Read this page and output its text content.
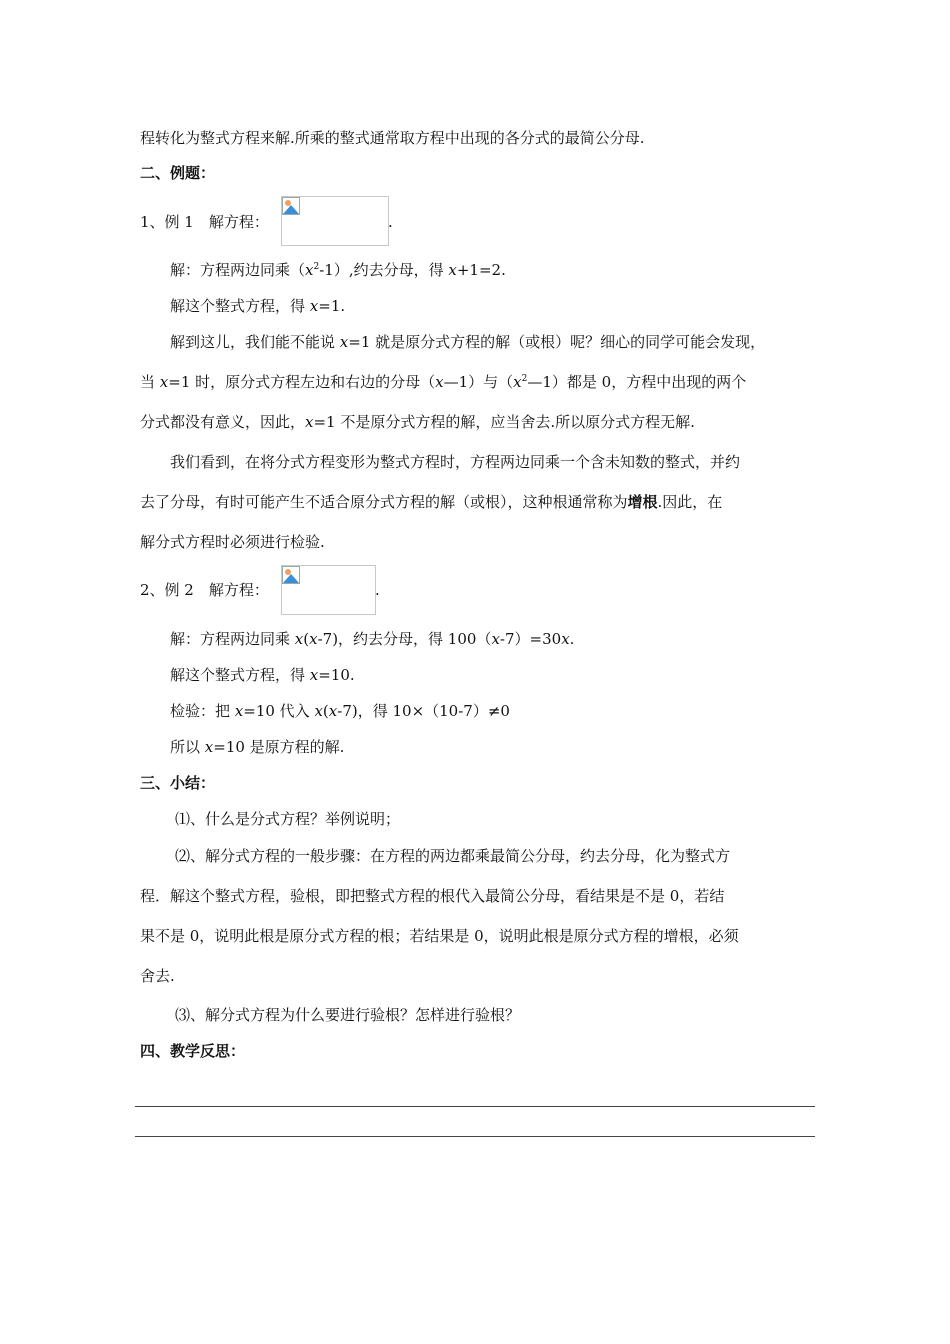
程转化为整式方程来解.所乘的整式通常取方程中出现的各分式的最简公分母.
二、例题：
1、例 1　解方程：	.
解：方程两边同乘$(x^2-1)$,约去分母，得 x+1=2.
解这个整式方程，得 x=1.
解到这儿，我们能不能说 x=1 就是原分式方程的解（或根）呢？细心的同学可能会发现，
当 x=1 时，原分式方程左边和右边的分母（x—1）与$(x^2—1)$都是 0，方程中出现的两个
分式都没有意义，因此，x=1 不是原分式方程的解，应当舍去.所以原分式方程无解.
我们看到，在将分式方程变形为整式方程时，方程两边同乘一个含未知数的整式，并约
去了分母，有时可能产生不适合原分式方程的解（或根），这种根通常称为增根.因此，在
解分式方程时必须进行检验.
2、例 2　解方程：	.
解：方程两边同乘 x(x-7)，约去分母，得 100（x-7）=30x.
解这个整式方程，得 x=10.
检验：把 x=10 代入 x(x-7)，得 10×（10-7）≠0
所以 x=10 是原方程的解.
三、小结：
⑴、什么是分式方程？举例说明；
⑵、解分式方程的一般步骤：在方程的两边都乘最简公分母，约去分母，化为整式方
程．解这个整式方程，验根，即把整式方程的根代入最简公分母，看结果是不是 0，若结
果不是 0，说明此根是原分式方程的根；若结果是 0，说明此根是原分式方程的增根，必须
舍去.
⑶、解分式方程为什么要进行验根？怎样进行验根？
四、教学反思：
